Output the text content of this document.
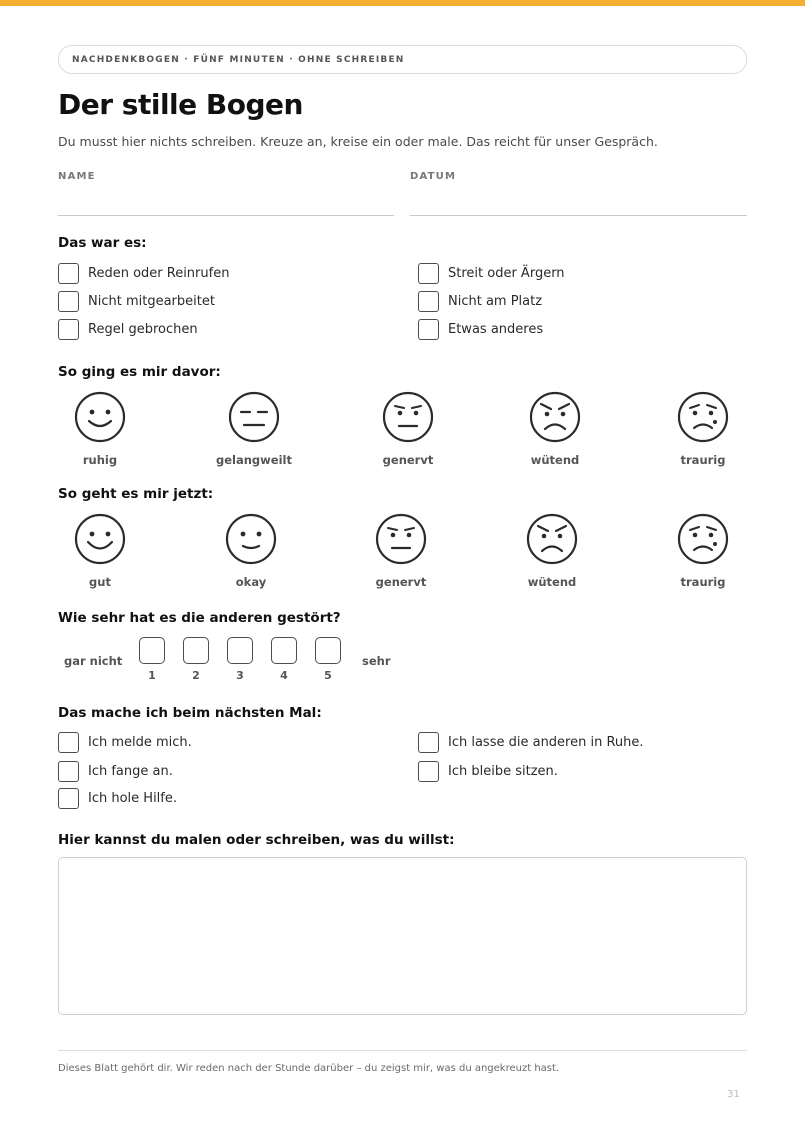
NACHDENKBOGEN · FÜNF MINUTEN · OHNE SCHREIBEN
Der stille Bogen

Du musst hier nichts schreiben. Kreuze an, kreise ein oder male. Das reicht für unser Gespräch.

NAME	DATUM
Das war es:
Reden oder Reinrufen
Nicht mitgearbeitet
Regel gebrochen
Streit oder Ärgern
Nicht am Platz
Etwas anderes
So ging es mir davor:
ruhig	gelangweilt	genervt	wütend	traurig
So geht es mir jetzt:
gut	okay	genervt	wütend	traurig
Wie sehr hat es die anderen gestört?
gar nicht
1	2	3	4	5
sehr
Das mache ich beim nächsten Mal:
Ich melde mich.
Ich fange an.
Ich hole Hilfe.
Ich lasse die anderen in Ruhe.
Ich bleibe sitzen.
Hier kannst du malen oder schreiben, was du willst:
Dieses Blatt gehört dir. Wir reden nach der Stunde darüber – du zeigst mir, was du angekreuzt hast.
31
